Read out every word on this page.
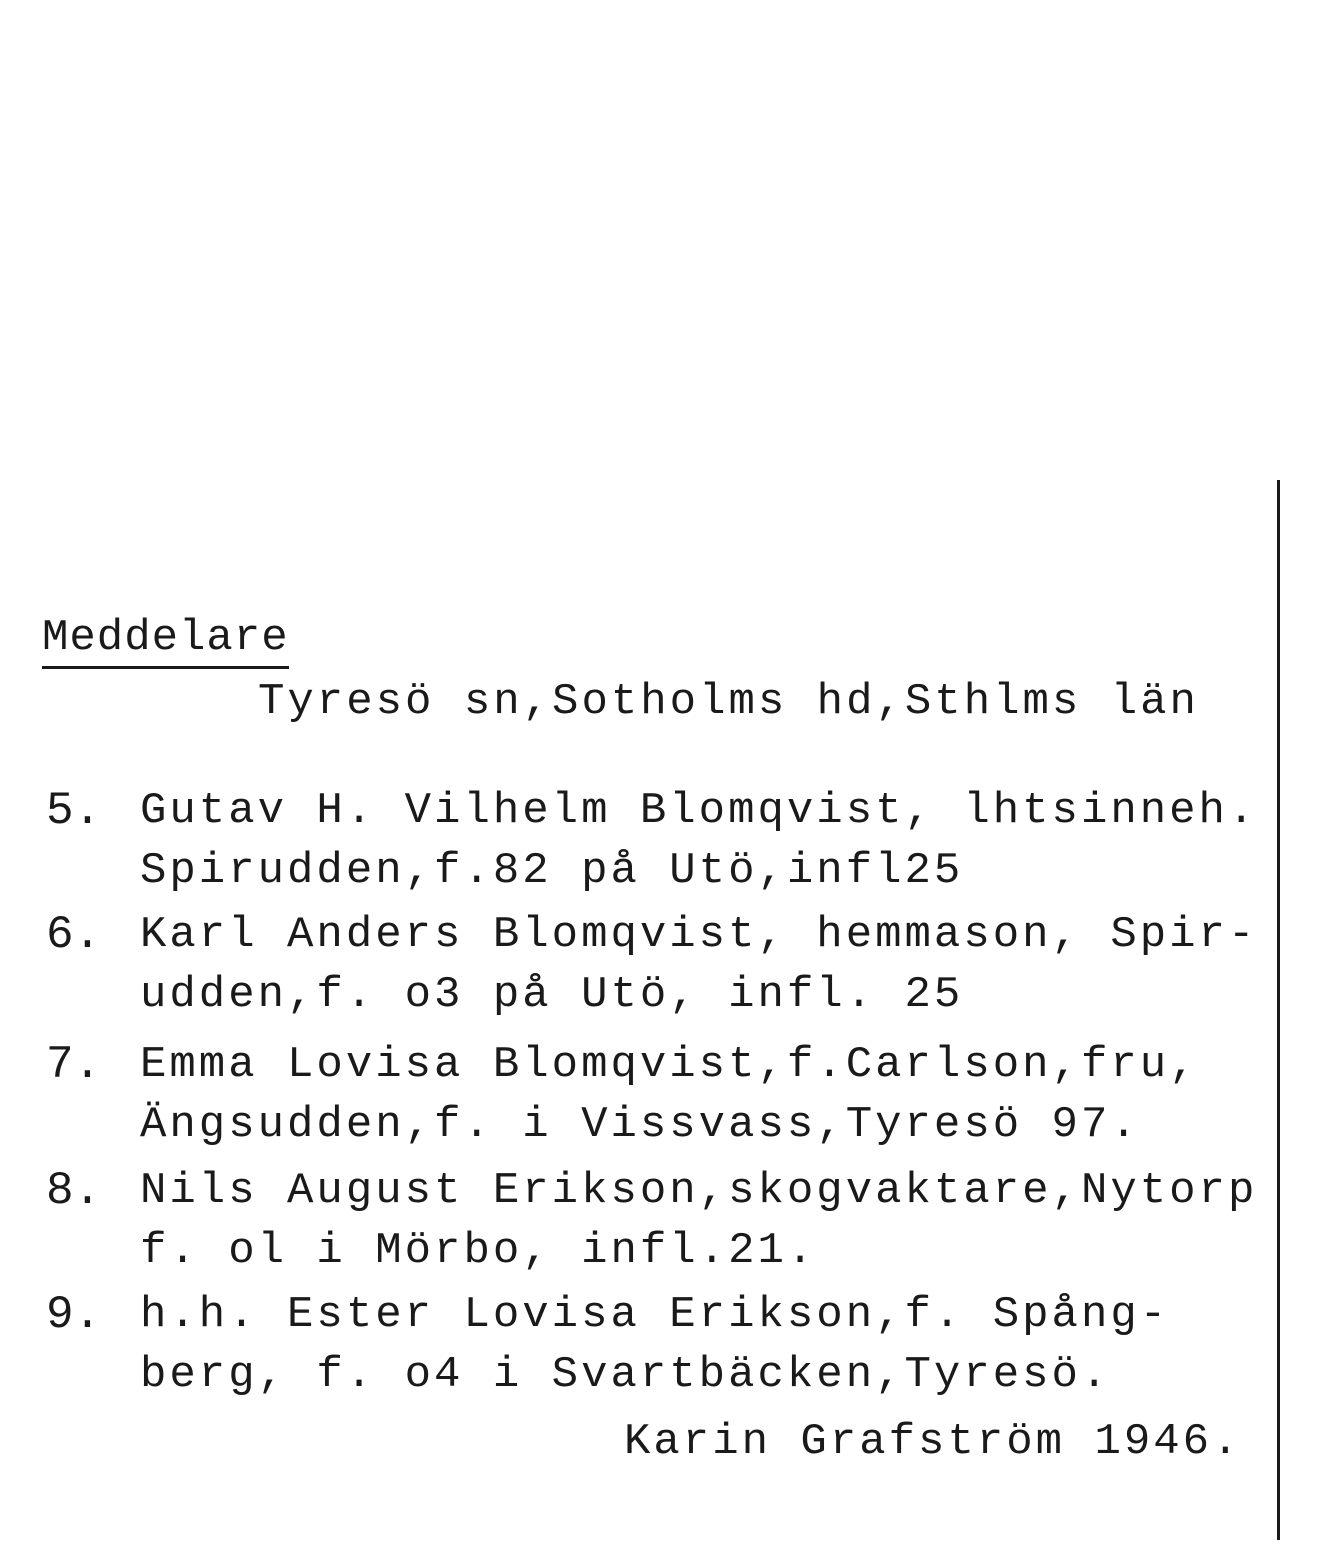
Meddelare
Tyresö sn,Sotholms hd,Sthlms län
5. Gutav H. Vilhelm Blomqvist, lhtsinneh.
Spirudden,f.82 på Utö,infl25
6. Karl Anders Blomqvist, hemmason, Spir-
udden,f. o3 på Utö, infl. 25
7. Emma Lovisa Blomqvist,f.Carlson,fru,
Ängsudden,f. i Vissvass,Tyresö 97.
8. Nils August Erikson,skogvaktare,Nytorp
f. ol i Mörbo, infl.21.
9. h.h. Ester Lovisa Erikson,f. Spång-
berg, f. o4 i Svartbäcken,Tyresö.
Karin Grafström 1946.
